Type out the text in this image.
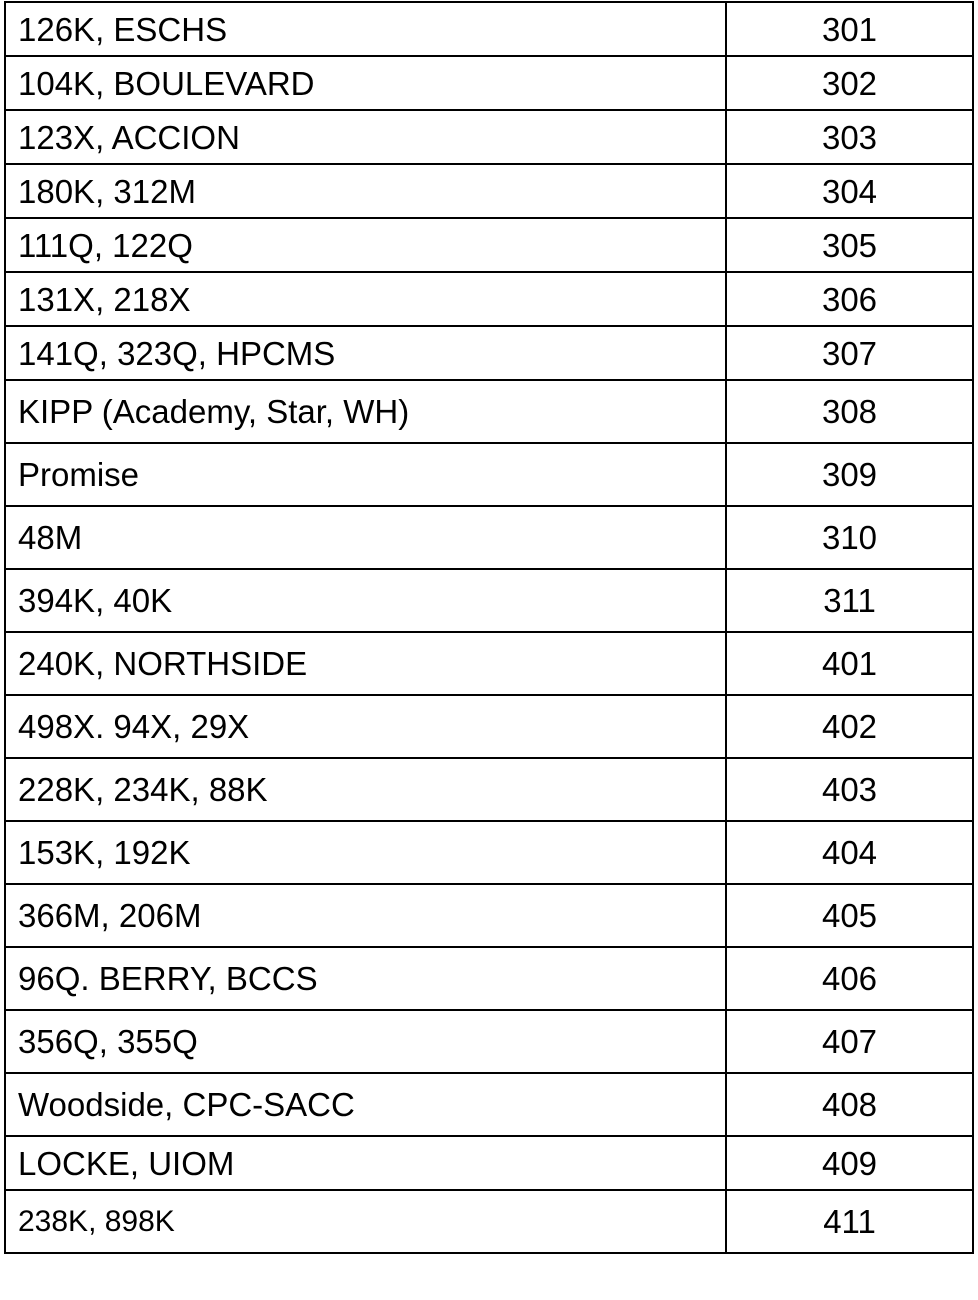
126K, ESCHS	301
104K, BOULEVARD	302
123X, ACCION	303
180K, 312M	304
111Q, 122Q	305
131X, 218X	306
141Q, 323Q, HPCMS	307
KIPP (Academy, Star, WH)	308
Promise	309
48M	310
394K, 40K	311
240K, NORTHSIDE	401
498X. 94X, 29X	402
228K, 234K, 88K	403
153K, 192K	404
366M, 206M	405
96Q. BERRY, BCCS	406
356Q, 355Q	407
Woodside, CPC-SACC	408
LOCKE, UIOM	409
238K, 898K	411
